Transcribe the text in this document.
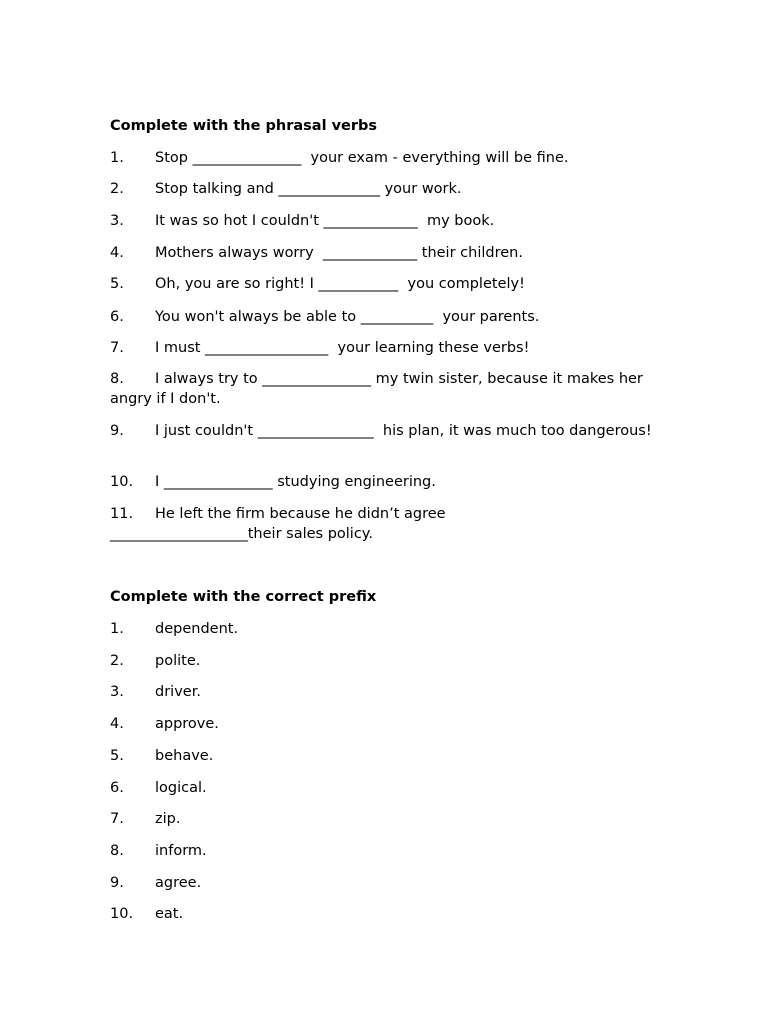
Complete with the phrasal verbs
1. Stop _______________  your exam - everything will be fine.
2. Stop talking and ______________ your work.
3. It was so hot I couldn't _____________  my book.
4. Mothers always worry  _____________ their children.
5. Oh, you are so right! I ___________  you completely!
6. You won't always be able to __________  your parents.
7. I must _________________  your learning these verbs!
8. I always try to _______________ my twin sister, because it makes her angry if I don't.
9. I just couldn't ________________  his plan, it was much too dangerous!
10. I _______________ studying engineering.
11. He left the firm because he didn’t agree ___________________their sales policy.
Complete with the correct prefix
1. dependent.
2. polite.
3. driver.
4. approve.
5. behave.
6. logical.
7. zip.
8. inform.
9. agree.
10. eat.
